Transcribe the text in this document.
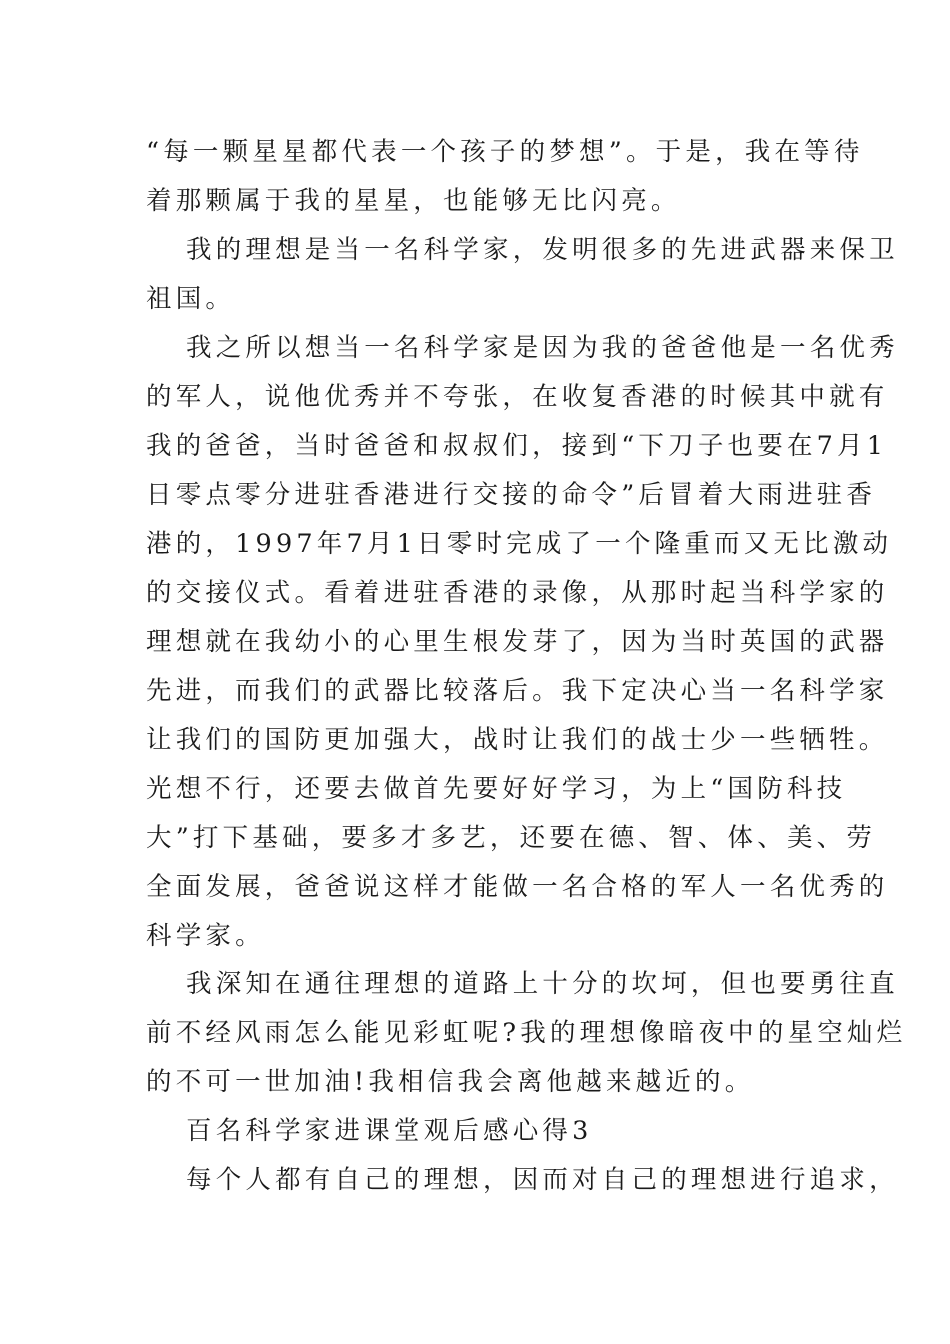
“每一颗星星都代表一个孩子的梦想”。于是，我在等待
着那颗属于我的星星，也能够无比闪亮。
我的理想是当一名科学家，发明很多的先进武器来保卫
祖国。
我之所以想当一名科学家是因为我的爸爸他是一名优秀
的军人，说他优秀并不夸张，在收复香港的时候其中就有
我的爸爸，当时爸爸和叔叔们，接到“下刀子也要在7月1
日零点零分进驻香港进行交接的命令”后冒着大雨进驻香
港的，1997年7月1日零时完成了一个隆重而又无比激动
的交接仪式。看着进驻香港的录像，从那时起当科学家的
理想就在我幼小的心里生根发芽了，因为当时英国的武器
先进，而我们的武器比较落后。我下定决心当一名科学家
让我们的国防更加强大，战时让我们的战士少一些牺牲。
光想不行，还要去做首先要好好学习，为上“国防科技
大”打下基础，要多才多艺，还要在德、智、体、美、劳
全面发展，爸爸说这样才能做一名合格的军人一名优秀的
科学家。
我深知在通往理想的道路上十分的坎坷，但也要勇往直
前不经风雨怎么能见彩虹呢?我的理想像暗夜中的星空灿烂
的不可一世加油!我相信我会离他越来越近的。
百名科学家进课堂观后感心得3
每个人都有自己的理想，因而对自己的理想进行追求，
